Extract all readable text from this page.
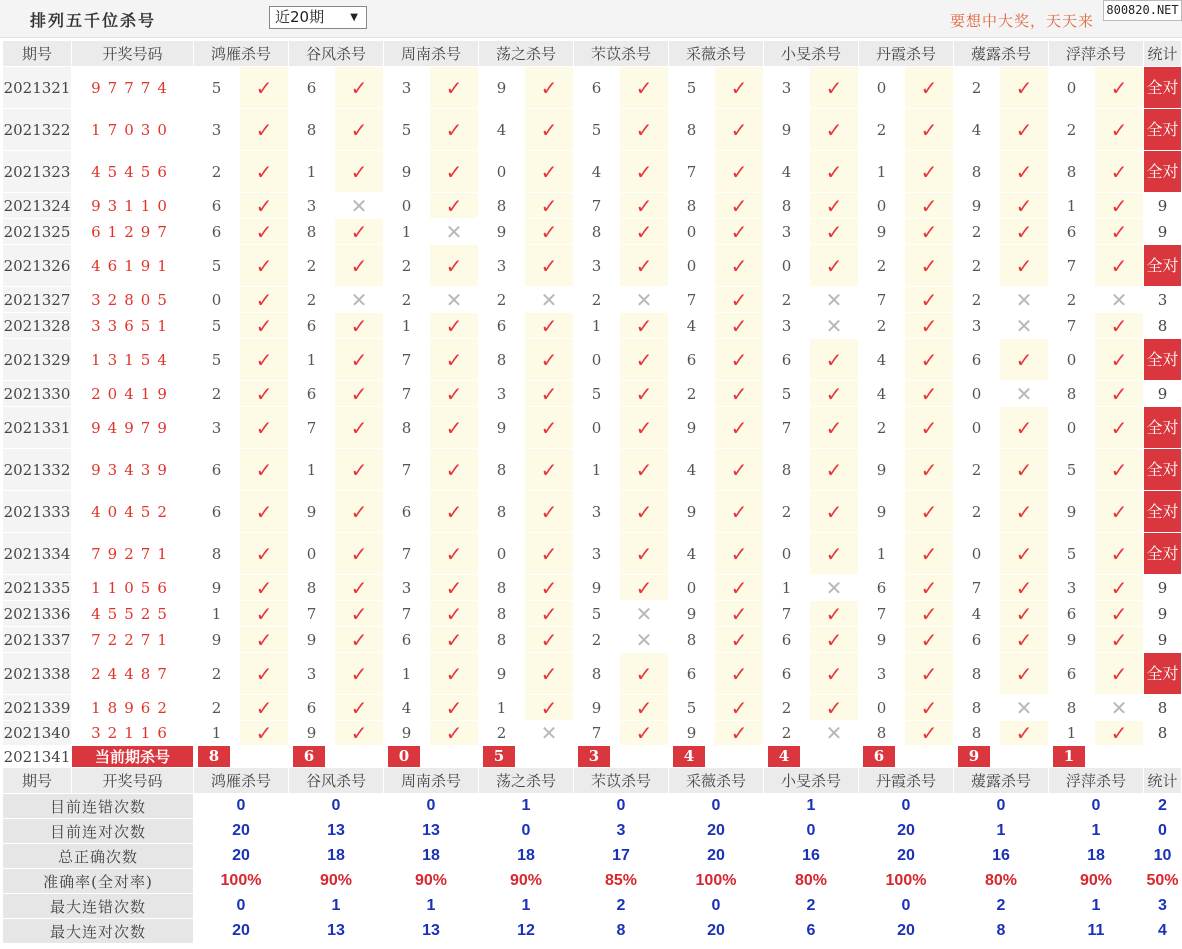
排列五千位杀号	近20期	▼	要想中大奖，天天来
800820.NET
期号	开奖号码	鸿雁杀号		谷风杀号		周南杀号		荡之杀号		芣苡杀号		采薇杀号		小旻杀号		丹霞杀号		蕿露杀号		浮萍杀号		统计
2021321	97774	5	✓	6	✓	3	✓	9	✓	6	✓	5	✓	3	✓	0	✓	2	✓	0	✓	全对
2021322	17030	3	✓	8	✓	5	✓	4	✓	5	✓	8	✓	9	✓	2	✓	4	✓	2	✓	全对
2021323	45456	2	✓	1	✓	9	✓	0	✓	4	✓	7	✓	4	✓	1	✓	8	✓	8	✓	全对
2021324	93110	6	✓	3	✕	0	✓	8	✓	7	✓	8	✓	8	✓	0	✓	9	✓	1	✓	9
2021325	61297	6	✓	8	✓	1	✕	9	✓	8	✓	0	✓	3	✓	9	✓	2	✓	6	✓	9
2021326	46191	5	✓	2	✓	2	✓	3	✓	3	✓	0	✓	0	✓	2	✓	2	✓	7	✓	全对
2021327	32805	0	✓	2	✕	2	✕	2	✕	2	✕	7	✓	2	✕	7	✓	2	✕	2	✕	3
2021328	33651	5	✓	6	✓	1	✓	6	✓	1	✓	4	✓	3	✕	2	✓	3	✕	7	✓	8
2021329	13154	5	✓	1	✓	7	✓	8	✓	0	✓	6	✓	6	✓	4	✓	6	✓	0	✓	全对
2021330	20419	2	✓	6	✓	7	✓	3	✓	5	✓	2	✓	5	✓	4	✓	0	✕	8	✓	9
2021331	94979	3	✓	7	✓	8	✓	9	✓	0	✓	9	✓	7	✓	2	✓	0	✓	0	✓	全对
2021332	93439	6	✓	1	✓	7	✓	8	✓	1	✓	4	✓	8	✓	9	✓	2	✓	5	✓	全对
2021333	40452	6	✓	9	✓	6	✓	8	✓	3	✓	9	✓	2	✓	9	✓	2	✓	9	✓	全对
2021334	79271	8	✓	0	✓	7	✓	0	✓	3	✓	4	✓	0	✓	1	✓	0	✓	5	✓	全对
2021335	11056	9	✓	8	✓	3	✓	8	✓	9	✓	0	✓	1	✕	6	✓	7	✓	3	✓	9
2021336	45525	1	✓	7	✓	7	✓	8	✓	5	✕	9	✓	7	✓	7	✓	4	✓	6	✓	9
2021337	72271	9	✓	9	✓	6	✓	8	✓	2	✕	8	✓	6	✓	9	✓	6	✓	9	✓	9
2021338	24487	2	✓	3	✓	1	✓	9	✓	8	✓	6	✓	6	✓	3	✓	8	✓	6	✓	全对
2021339	18962	2	✓	6	✓	4	✓	1	✓	9	✓	5	✓	2	✓	0	✓	8	✕	8	✕	8
2021340	32116	1	✓	9	✓	9	✓	2	✕	7	✓	9	✓	2	✕	8	✓	8	✓	1	✓	8
2021341	当前期杀号	8		6		0		5		3		4		4		6		9		1		

期号	开奖号码	鸿雁杀号		谷风杀号		周南杀号		荡之杀号		芣苡杀号		采薇杀号		小旻杀号		丹霞杀号		蕿露杀号		浮萍杀号		统计
目前连错次数		0		0		0		1		0		0		1		0		0		0		2
目前连对次数		20		13		13		0		3		20		0		20		1		1		0
总正确次数		20		18		18		18		17		20		16		20		16		18		10
准确率(全对率)		100%		90%		90%		90%		85%		100%		80%		100%		80%		90%		50%
最大连错次数		0		1		1		1		2		0		2		0		2		1		3
最大连对次数		20		13		13		12		8		20		6		20		8		11		4
